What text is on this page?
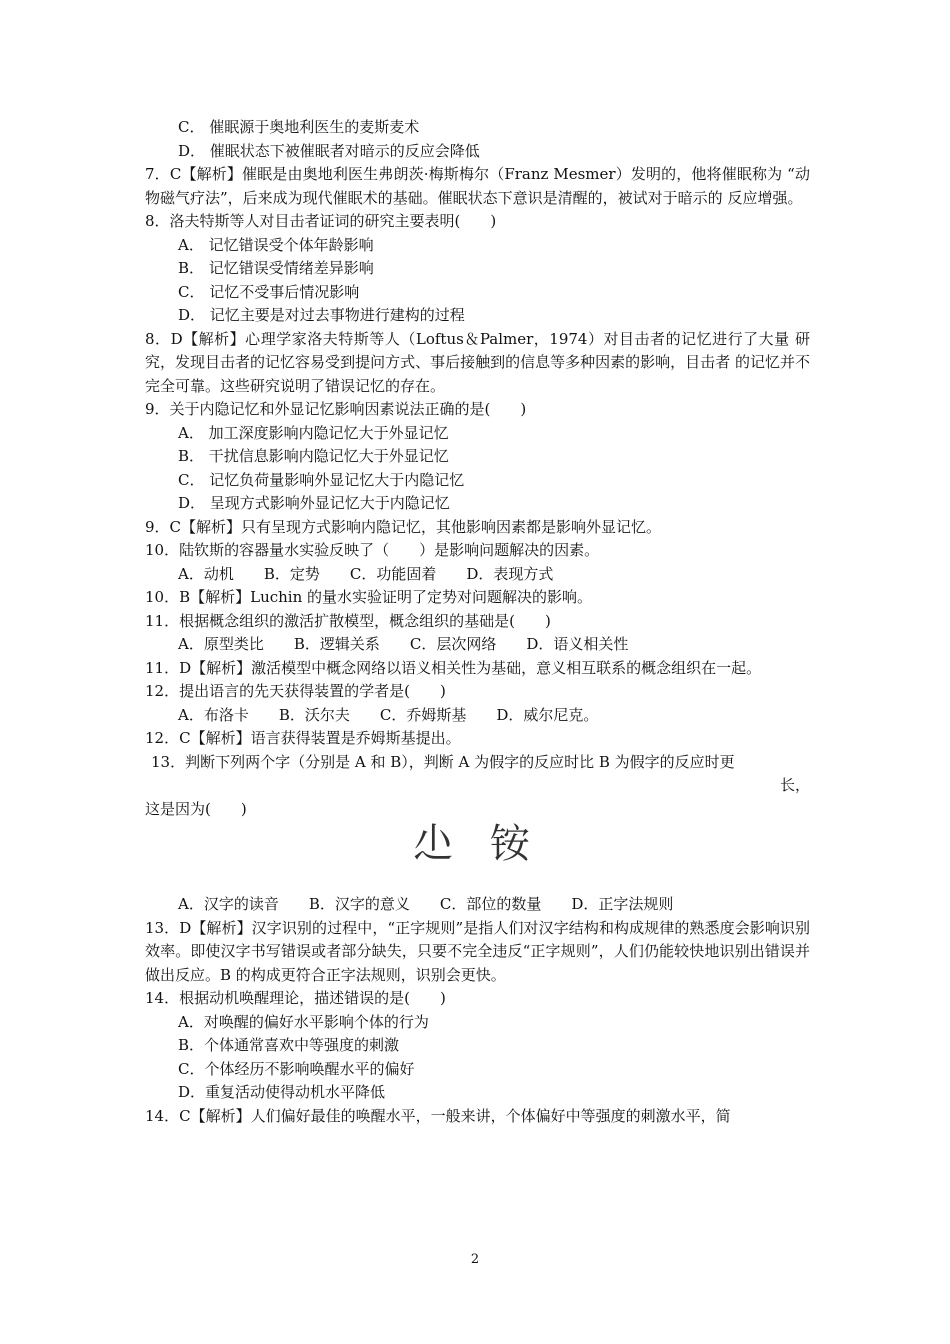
C． 催眠源于奥地利医生的麦斯麦术
D． 催眠状态下被催眠者对暗示的反应会降低
7．C【解析】催眠是由奥地利医生弗朗茨·梅斯梅尔（Franz Mesmer）发明的，他将催眠称为 “动物磁气疗法”，后来成为现代催眠术的基础。催眠状态下意识是清醒的，被试对于暗示的 反应增强。
8．洛夫特斯等人对目击者证词的研究主要表明(　　)
A． 记忆错误受个体年龄影响
B． 记忆错误受情绪差异影响
C． 记忆不受事后情况影响
D． 记忆主要是对过去事物进行建构的过程
8．D【解析】心理学家洛夫特斯等人（Loftus＆Palmer，1974）对目击者的记忆进行了大量 研究，发现目击者的记忆容易受到提问方式、事后接触到的信息等多种因素的影响，目击者 的记忆并不完全可靠。这些研究说明了错误记忆的存在。
9．关于内隐记忆和外显记忆影响因素说法正确的是(　　)
A． 加工深度影响内隐记忆大于外显记忆
B． 干扰信息影响内隐记忆大于外显记忆
C． 记忆负荷量影响外显记忆大于内隐记忆
D． 呈现方式影响外显记忆大于内隐记忆
9．C【解析】只有呈现方式影响内隐记忆，其他影响因素都是影响外显记忆。
10．陆钦斯的容器量水实验反映了（　　）是影响问题解决的因素。
A．动机　　B．定势　　C．功能固着　　D．表现方式
10．B【解析】Luchin 的量水实验证明了定势对问题解决的影响。
11．根据概念组织的激活扩散模型，概念组织的基础是(　　)
A．原型类比　　B．逻辑关系　　C．层次网络　　D．语义相关性
11．D【解析】激活模型中概念网络以语义相关性为基础，意义相互联系的概念组织在一起。
12．提出语言的先天获得装置的学者是(　　)
A．布洛卡　　B．沃尔夫　　C．乔姆斯基　　D．威尔尼克。
12．C【解析】语言获得装置是乔姆斯基提出。
13．判断下列两个字（分别是 A 和 B），判断 A 为假字的反应时比 B 为假字的反应时更
长，
这是因为(　　)
尐 铵
A．汉字的读音　　B．汉字的意义　　C．部位的数量　　D．正字法规则
13．D【解析】汉字识别的过程中，“正字规则”是指人们对汉字结构和构成规律的熟悉度会影响识别效率。即使汉字书写错误或者部分缺失，只要不完全违反“正字规则”，人们仍能较快地识别出错误并做出反应。B 的构成更符合正字法规则，识别会更快。
14．根据动机唤醒理论，描述错误的是(　　)
A．对唤醒的偏好水平影响个体的行为
B．个体通常喜欢中等强度的刺激
C．个体经历不影响唤醒水平的偏好
D．重复活动使得动机水平降低
14．C【解析】人们偏好最佳的唤醒水平，一般来讲，个体偏好中等强度的刺激水平，简
2
